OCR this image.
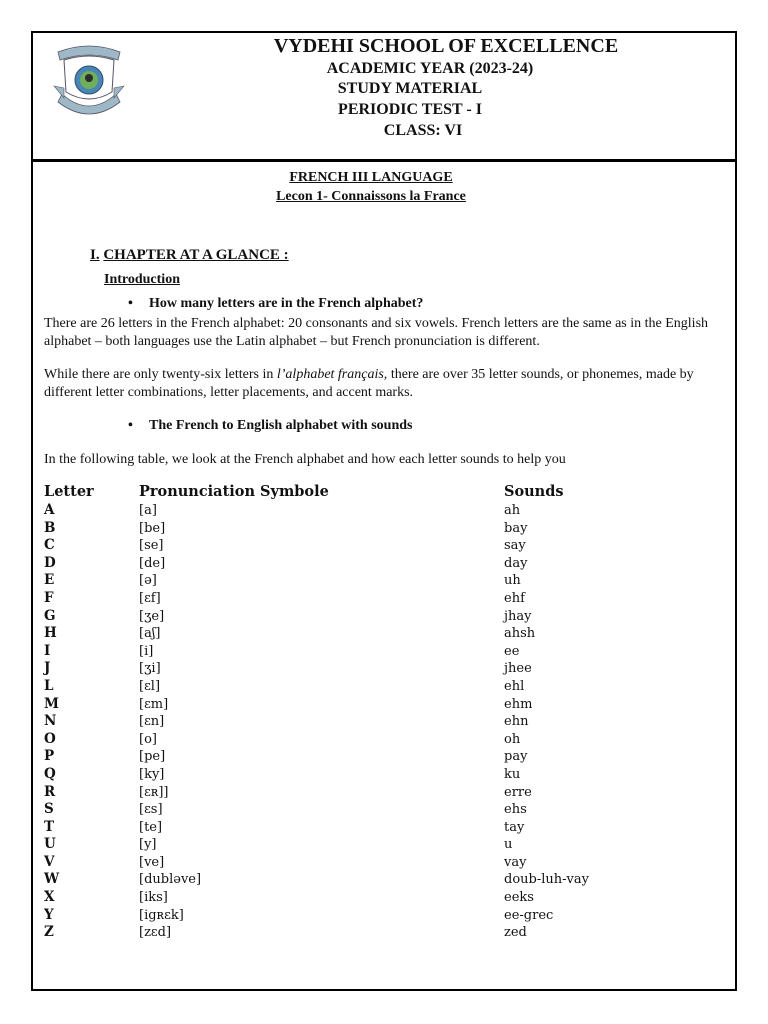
VYDEHI SCHOOL OF EXCELLENCE
ACADEMIC YEAR (2023-24)
STUDY MATERIAL
PERIODIC TEST - I
CLASS: VI
FRENCH III LANGUAGE
Lecon 1- Connaissons la France
I. CHAPTER AT A GLANCE :
Introduction
• How many letters are in the French alphabet?
There are 26 letters in the French alphabet: 20 consonants and six vowels. French letters are the same as in the English alphabet – both languages use the Latin alphabet – but French pronunciation is different.
While there are only twenty-six letters in l’alphabet français, there are over 35 letter sounds, or phonemes, made by different letter combinations, letter placements, and accent marks.
• The French to English alphabet with sounds
In the following table, we look at the French alphabet and how each letter sounds to help you
Letter	Pronunciation Symbole	Sounds
A	[a]	ah
B	[be]	bay
C	[se]	say
D	[de]	day
E	[ə]	uh
F	[ɛf]	ehf
G	[ʒe]	jhay
H	[aʃ]	ahsh
I	[i]	ee
J	[ʒi]	jhee
L	[ɛl]	ehl
M	[ɛm]	ehm
N	[ɛn]	ehn
O	[o]	oh
P	[pe]	pay
Q	[ky]	ku
R	[ɛʀ]]	erre
S	[ɛs]	ehs
T	[te]	tay
U	[y]	u
V	[ve]	vay
W	[dubləve]	doub-luh-vay
X	[iks]	eeks
Y	[igʀɛk]	ee-grec
Z	[zɛd]	zed
